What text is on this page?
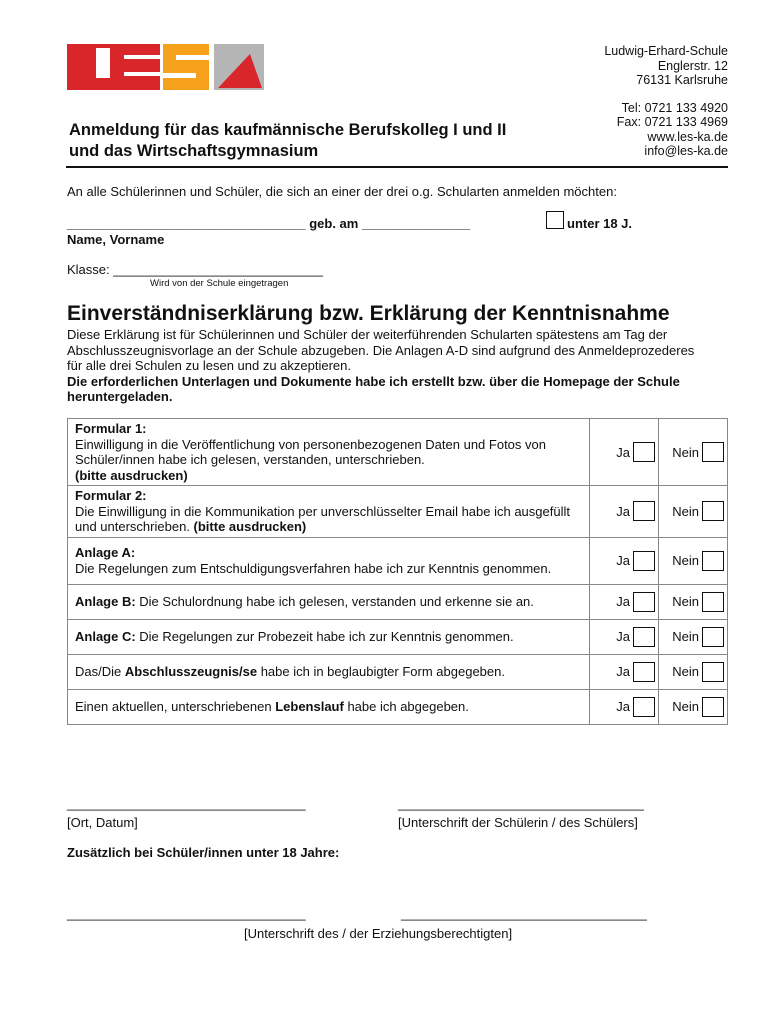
Ludwig-Erhard-Schule
Englerstr. 12
76131 Karlsruhe
Tel: 0721 133 4920
Fax: 0721 133 4969
www.les-ka.de
info@les-ka.de
Anmeldung für das kaufmännische Berufskolleg I und II
und das Wirtschaftsgymnasium
An alle Schülerinnen und Schüler, die sich an einer der drei o.g. Schularten anmelden möchten:
_________________________________ geb. am _______________	unter 18 J.
Name, Vorname
Klasse: _____________________________
Wird von der Schule eingetragen
Einverständniserklärung bzw. Erklärung der Kenntnisnahme
Diese Erklärung ist für Schülerinnen und Schüler der weiterführenden Schularten spätestens am Tag der Abschlusszeugnisvorlage an der Schule abzugeben. Die Anlagen A-D sind aufgrund des Anmeldeprozederes für alle drei Schulen zu lesen und zu akzeptieren.
Die erforderlichen Unterlagen und Dokumente habe ich erstellt bzw. über die Homepage der Schule heruntergeladen.
Formular 1:
Einwilligung in die Veröffentlichung von personenbezogenen Daten und Fotos von Schüler/innen habe ich gelesen, verstanden, unterschrieben.
(bitte ausdrucken)	Ja	Nein

Formular 2:
Die Einwilligung in die Kommunikation per unverschlüsselter Email habe ich ausgefüllt und unterschrieben. (bitte ausdrucken)	Ja	Nein

Anlage A:
Die Regelungen zum Entschuldigungsverfahren habe ich zur Kenntnis genommen.	Ja	Nein

Anlage B: Die Schulordnung habe ich gelesen, verstanden und erkenne sie an.	Ja	Nein

Anlage C: Die Regelungen zur Probezeit habe ich zur Kenntnis genommen.	Ja	Nein

Das/Die Abschlusszeugnis/se habe ich in beglaubigter Form abgegeben.	Ja	Nein

Einen aktuellen, unterschriebenen Lebenslauf habe ich abgegeben.	Ja	Nein
_________________________________	__________________________________
[Ort, Datum]	[Unterschrift der Schülerin / des Schülers]
Zusätzlich bei Schüler/innen unter 18 Jahre:
_________________________________	__________________________________
[Unterschrift des / der Erziehungsberechtigten]
